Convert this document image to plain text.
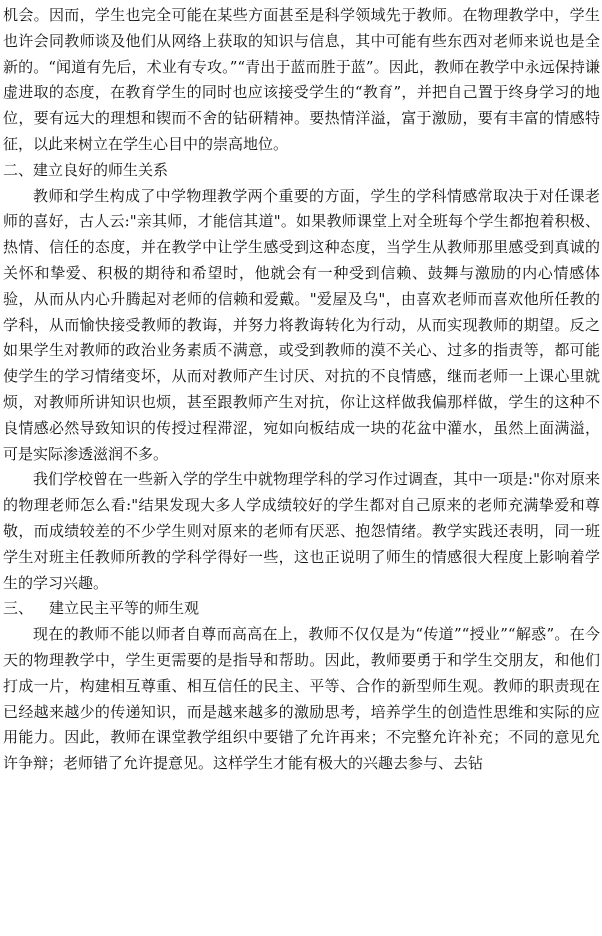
机会。因而，学生也完全可能在某些方面甚至是科学领域先于教师。在物理教学中，学生也许会同教师谈及他们从网络上获取的知识与信息，其中可能有些东西对老师来说也是全新的。“闻道有先后，术业有专攻。”“青出于蓝而胜于蓝”。因此，教师在教学中永远保持谦虚进取的态度，在教育学生的同时也应该接受学生的“教育”，并把自己置于终身学习的地位，要有远大的理想和锲而不舍的钻研精神。要热情洋溢，富于激励，要有丰富的情感特征，以此来树立在学生心目中的崇高地位。

二、建立良好的师生关系

教师和学生构成了中学物理教学两个重要的方面，学生的学科情感常取决于对任课老师的喜好，古人云:"亲其师，才能信其道"。如果教师课堂上对全班每个学生都抱着积极、热情、信任的态度，并在教学中让学生感受到这种态度，当学生从教师那里感受到真诚的关怀和挚爱、积极的期待和希望时，他就会有一种受到信赖、鼓舞与激励的内心情感体验，从而从内心升腾起对老师的信赖和爱戴。"爱屋及乌"，由喜欢老师而喜欢他所任教的学科，从而愉快接受教师的教诲，并努力将教诲转化为行动，从而实现教师的期望。反之如果学生对教师的政治业务素质不满意，或受到教师的漠不关心、过多的指责等，都可能使学生的学习情绪变坏，从而对教师产生讨厌、对抗的不良情感，继而老师一上课心里就烦，对教师所讲知识也烦，甚至跟教师产生对抗，你让这样做我偏那样做，学生的这种不良情感必然导致知识的传授过程滞涩，宛如向板结成一块的花盆中灌水，虽然上面满溢，可是实际渗透滋润不多。

我们学校曾在一些新入学的学生中就物理学科的学习作过调查，其中一项是:"你对原来的物理老师怎么看:"结果发现大多人学成绩较好的学生都对自己原来的老师充满挚爱和尊敬，而成绩较差的不少学生则对原来的老师有厌恶、抱怨情绪。教学实践还表明，同一班学生对班主任教师所教的学科学得好一些，这也正说明了师生的情感很大程度上影响着学生的学习兴趣。

三、 建立民主平等的师生观

现在的教师不能以师者自尊而高高在上，教师不仅仅是为“传道”“授业”“解惑”。在今天的物理教学中，学生更需要的是指导和帮助。因此，教师要勇于和学生交朋友，和他们打成一片，构建相互尊重、相互信任的民主、平等、合作的新型师生观。教师的职责现在已经越来越少的传递知识，而是越来越多的激励思考，培养学生的创造性思维和实际的应用能力。因此，教师在课堂教学组织中要错了允许再来；不完整允许补充；不同的意见允许争辩；老师错了允许提意见。这样学生才能有极大的兴趣去参与、去钻
